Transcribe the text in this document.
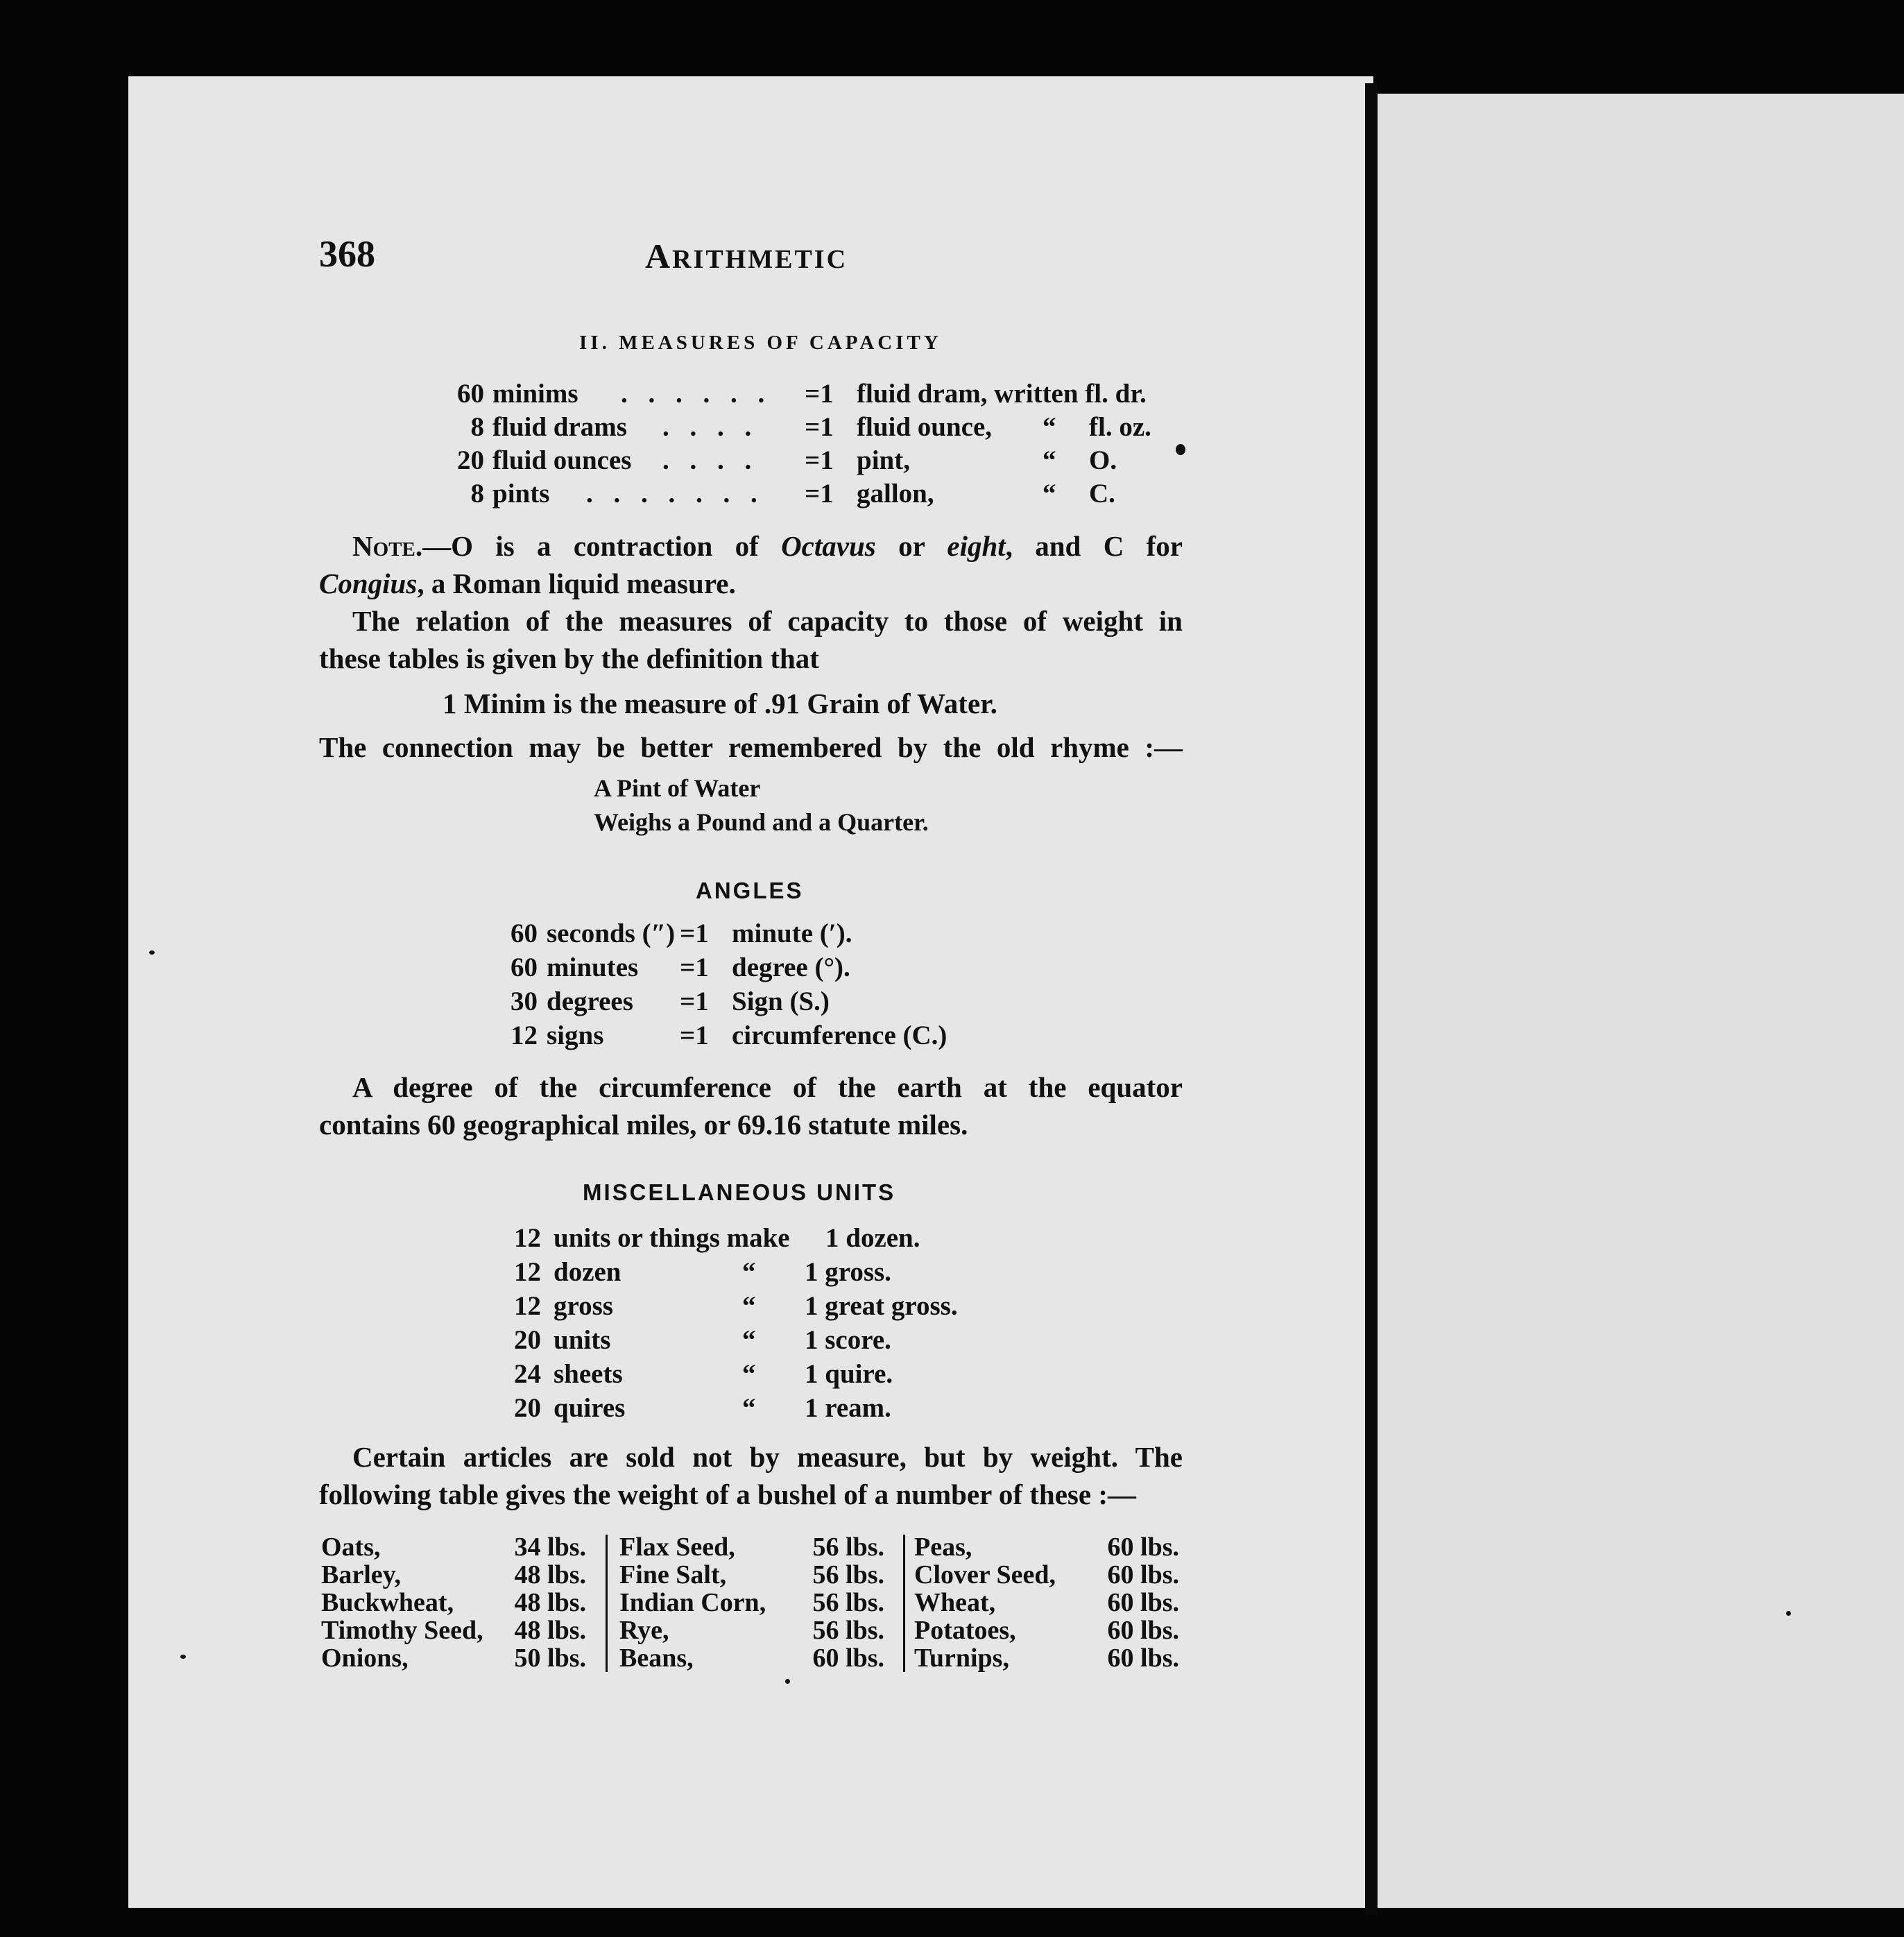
368	ARITHMETIC
II. MEASURES OF CAPACITY
60 minims . . . . . .	=1 fluid dram, written fl. dr.
8 fluid drams . . . .	=1 fluid ounce, “ fl. oz.
20 fluid ounces . . . .	=1 pint,	“ O.
8 pints . . . . . . .	=1 gallon,	“ C.
Note.—O is a contraction of Octavus or eight, and C for
Congius, a Roman liquid measure.
The relation of the measures of capacity to those of weight in
these tables is given by the definition that
1 Minim is the measure of .91 Grain of Water.
The connection may be better remembered by the old rhyme :—
A Pint of Water
Weighs a Pound and a Quarter.
ANGLES
60 seconds (″) =1 minute (′).
60 minutes =1 degree (°).
30 degrees =1 Sign (S.)
12 signs	=1 circumference (C.)
A degree of the circumference of the earth at the equator
contains 60 geographical miles, or 69.16 statute miles.
MISCELLANEOUS UNITS
12 units or things make 1 dozen.
12 dozen	“ 1 gross.
12 gross	“ 1 great gross.
20 units	“ 1 score.
24 sheets	“ 1 quire.
20 quires	“ 1 ream.
Certain articles are sold not by measure, but by weight. The
following table gives the weight of a bushel of a number of these :—
Oats,	34 lbs. Flax Seed,	56 lbs. Peas,	60 lbs.
Barley,	48 lbs. Fine Salt,	56 lbs. Clover Seed, 60 lbs.
Buckwheat, 48 lbs. Indian Corn, 56 lbs. Wheat,	60 lbs.
Timothy Seed, 48 lbs. Rye,	56 lbs. Potatoes,	60 lbs.
Onions,	50 lbs. Beans,	60 lbs. Turnips,	60 lbs.
